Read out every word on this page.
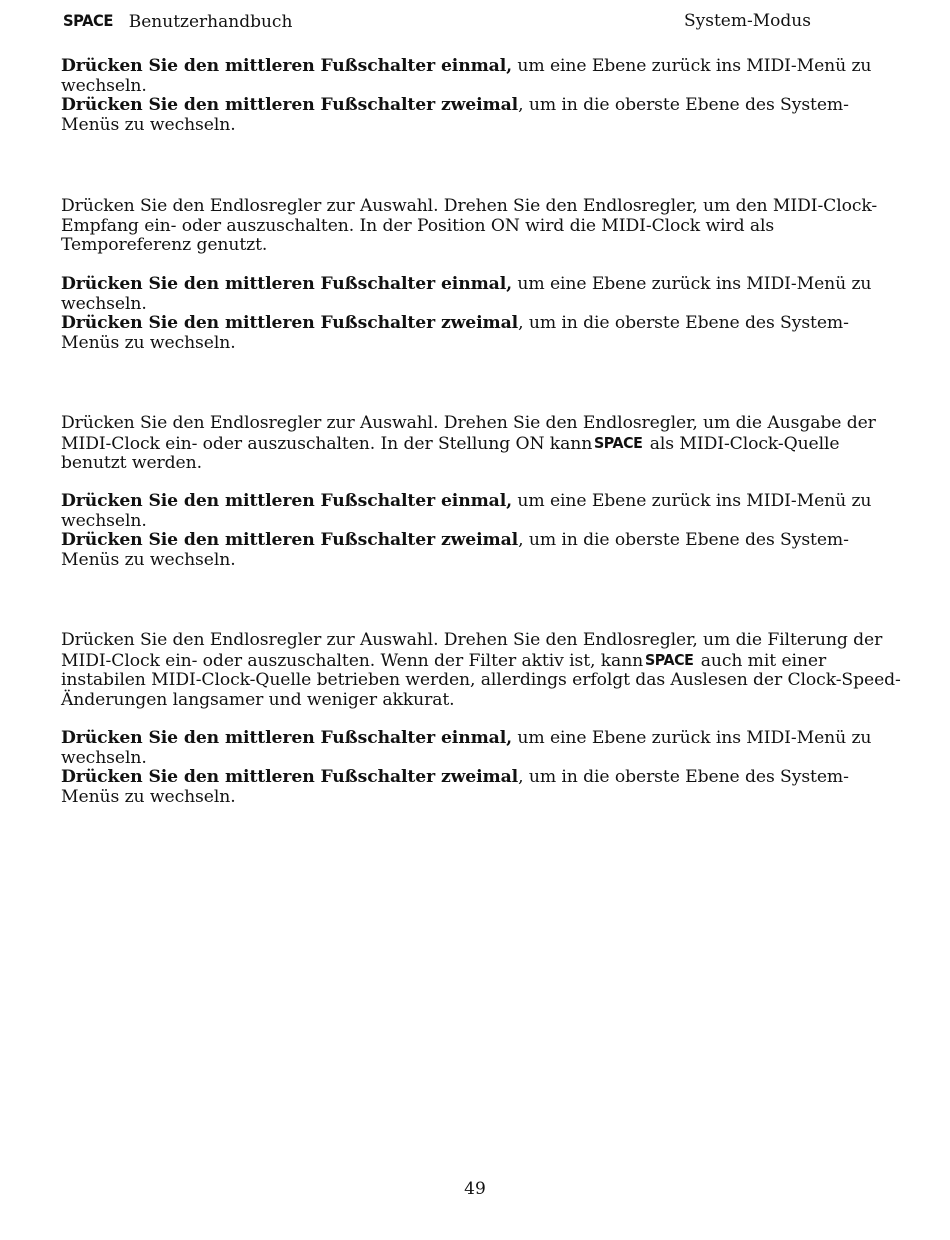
SPACE Benutzerhandbuch	System-Modus

Drücken Sie den mittleren Fußschalter einmal, um eine Ebene zurück ins MIDI-Menü zu wechseln.
Drücken Sie den mittleren Fußschalter zweimal, um in die oberste Ebene des System-Menüs zu wechseln.

Drücken Sie den Endlosregler zur Auswahl. Drehen Sie den Endlosregler, um den MIDI-Clock-Empfang ein- oder auszuschalten. In der Position ON wird die MIDI-Clock wird als Temporeferenz genutzt.

Drücken Sie den mittleren Fußschalter einmal, um eine Ebene zurück ins MIDI-Menü zu wechseln.
Drücken Sie den mittleren Fußschalter zweimal, um in die oberste Ebene des System-Menüs zu wechseln.

Drücken Sie den Endlosregler zur Auswahl. Drehen Sie den Endlosregler, um die Ausgabe der MIDI-Clock ein- oder auszuschalten. In der Stellung ON kann SPACE als MIDI-Clock-Quelle benutzt werden.

Drücken Sie den mittleren Fußschalter einmal, um eine Ebene zurück ins MIDI-Menü zu wechseln.
Drücken Sie den mittleren Fußschalter zweimal, um in die oberste Ebene des System-Menüs zu wechseln.

Drücken Sie den Endlosregler zur Auswahl. Drehen Sie den Endlosregler, um die Filterung der MIDI-Clock ein- oder auszuschalten. Wenn der Filter aktiv ist, kann SPACE auch mit einer instabilen MIDI-Clock-Quelle betrieben werden, allerdings erfolgt das Auslesen der Clock-Speed-Änderungen langsamer und weniger akkurat.

Drücken Sie den mittleren Fußschalter einmal, um eine Ebene zurück ins MIDI-Menü zu wechseln.
Drücken Sie den mittleren Fußschalter zweimal, um in die oberste Ebene des System-Menüs zu wechseln.

49
